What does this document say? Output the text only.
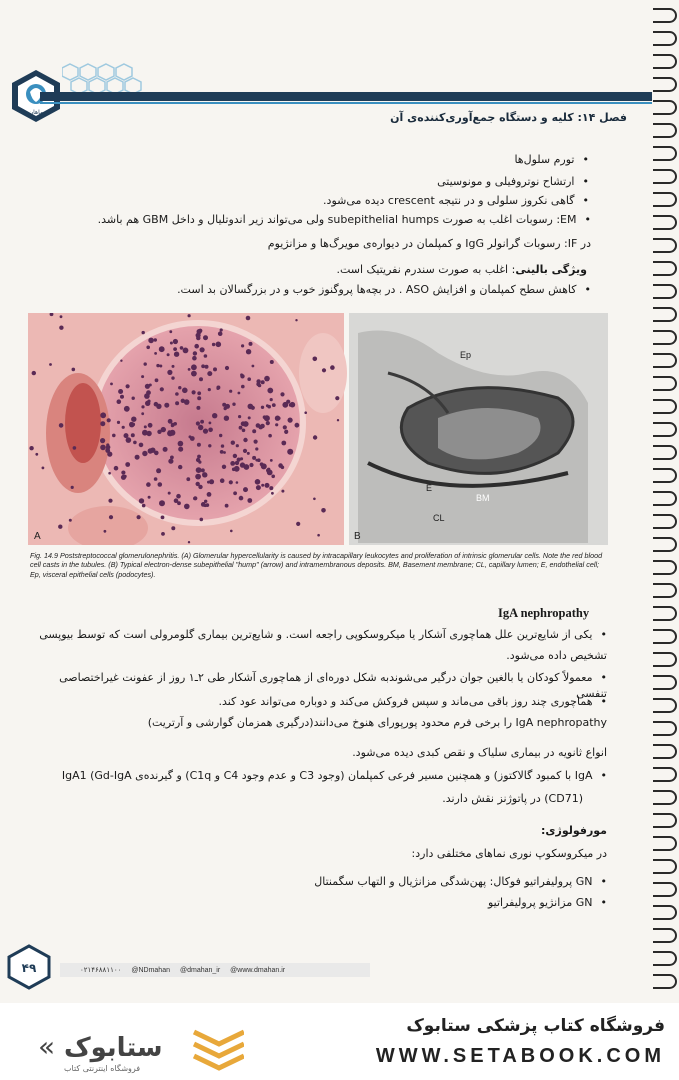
ماهان	فصل ۱۴: کلیه و دستگاه جمع‌آوری‌کننده‌ی آن
• تورم سلول‌ها
• ارتشاح نوتروفیلی و مونوسیتی
• گاهی نکروز سلولی و در نتیجه crescent دیده می‌شود.
• EM: رسوبات اغلب به صورت subepithelial humps ولی می‌تواند زیر اندوتلیال و داخل GBM هم باشد.
در IF: رسوبات گرانولر IgG و کمپلمان در دیواره‌ی مویرگ‌ها و مزانژیوم
ویژگی بالینی: اغلب به صورت سندرم نفریتیک است.
• کاهش سطح کمپلمان و افزایش ASO . در بچه‌ها پروگنوز خوب و در بزرگسالان بد است.
A
Ep
BM
CL
E
B
Fig. 14.9 Poststreptococcal glomerulonephritis. (A) Glomerular hypercellularity is caused by intracapillary leukocytes and proliferation of intrinsic glomerular cells. Note the red blood cell casts in the tubules. (B) Typical electron-dense subepithelial "hump" (arrow) and intramembranous deposits. BM, Basement membrane; CL, capillary lumen; E, endothelial cell; Ep, visceral epithelial cells (podocytes).
IgA nephropathy
• یکی از شایع‌ترین علل هماچوری آشکار یا میکروسکوپی راجعه است. و شایع‌ترین بیماری گلومرولی است که توسط بیوپسی
تشخیص داده می‌شود.
• معمولاً کودکان یا بالغین جوان درگیر می‌شوندبه شکل دوره‌ای از هماچوری آشکار طی ۲ـ۱ روز از عفونت غیراختصاصی تنفسی
• هماچوری چند روز باقی می‌ماند و سپس فروکش می‌کند و دوباره می‌تواند عود کند.
IgA nephropathy را برخی فرم محدود پورپورای هنوخ می‌دانند(درگیری همزمان گوارشی و آرتریت)
انواع ثانویه در بیماری سلیاک و نقص کبدی دیده می‌شود.
• IgA با کمبود گالاکتوز) و همچنین مسیر فرعی کمپلمان (وجود C3 و عدم وجود C4 و C1q) و گیرنده‌ی IgA1 (Gd-IgA
(CD71) در پاتوژنز نقش دارند.
مورفولوژی:
در میکروسکوپ نوری نماهای مختلفی دارد:
• GN پرولیفراتیو فوکال: پهن‌شدگی مزانژیال و التهاب سگمنتال
• GN مزانژیو پرولیفراتیو
۴۹	۰۲۱۴۶۸۸۱۱۰۰ @NDmahan @dmahan_ir @www.dmahan.ir
« ستابوک
فروشگاه اینترنتی کتاب
فروشگاه کتاب پزشکی ستابوک
WWW.SETABOOK.COM
